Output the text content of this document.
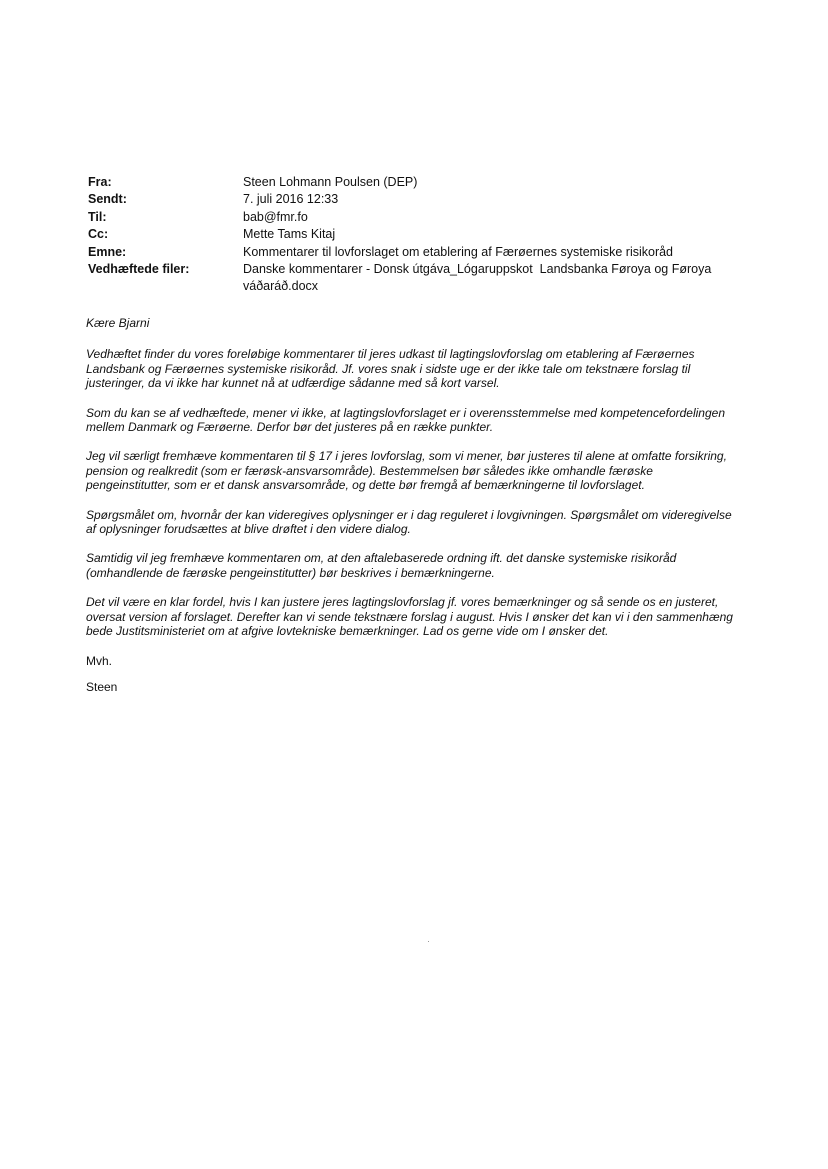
Fra:	Steen Lohmann Poulsen (DEP)
Sendt:	7. juli 2016 12:33
Til:	bab@fmr.fo
Cc:	Mette Tams Kitaj
Emne:	Kommentarer til lovforslaget om etablering af Færøernes systemiske risikoråd
Vedhæftede filer:	Danske kommentarer - Donsk útgáva_Lógaruppskot  Landsbanka Føroya og Føroya váðaráð.docx

Kære Bjarni

Vedhæftet finder du vores foreløbige kommentarer til jeres udkast til lagtingslovforslag om etablering af Færøernes Landsbank og Færøernes systemiske risikoråd. Jf. vores snak i sidste uge er der ikke tale om tekstnære forslag til justeringer, da vi ikke har kunnet nå at udfærdige sådanne med så kort varsel.

Som du kan se af vedhæftede, mener vi ikke, at lagtingslovforslaget er i overensstemmelse med kompetencefordelingen mellem Danmark og Færøerne. Derfor bør det justeres på en række punkter.

Jeg vil særligt fremhæve kommentaren til § 17 i jeres lovforslag, som vi mener, bør justeres til alene at omfatte forsikring, pension og realkredit (som er færøsk-ansvarsområde). Bestemmelsen bør således ikke omhandle færøske pengeinstitutter, som er et dansk ansvarsområde, og dette bør fremgå af bemærkningerne til lovforslaget.

Spørgsmålet om, hvornår der kan videregives oplysninger er i dag reguleret i lovgivningen. Spørgsmålet om videregivelse af oplysninger forudsættes at blive drøftet i den videre dialog.

Samtidig vil jeg fremhæve kommentaren om, at den aftalebaserede ordning ift. det danske systemiske risikoråd (omhandlende de færøske pengeinstitutter) bør beskrives i bemærkningerne.

Det vil være en klar fordel, hvis I kan justere jeres lagtingslovforslag jf. vores bemærkninger og så sende os en justeret, oversat version af forslaget. Derefter kan vi sende tekstnære forslag i august. Hvis I ønsker det kan vi i den sammenhæng bede Justitsministeriet om at afgive lovtekniske bemærkninger. Lad os gerne vide om I ønsker det.

Mvh.

Steen
